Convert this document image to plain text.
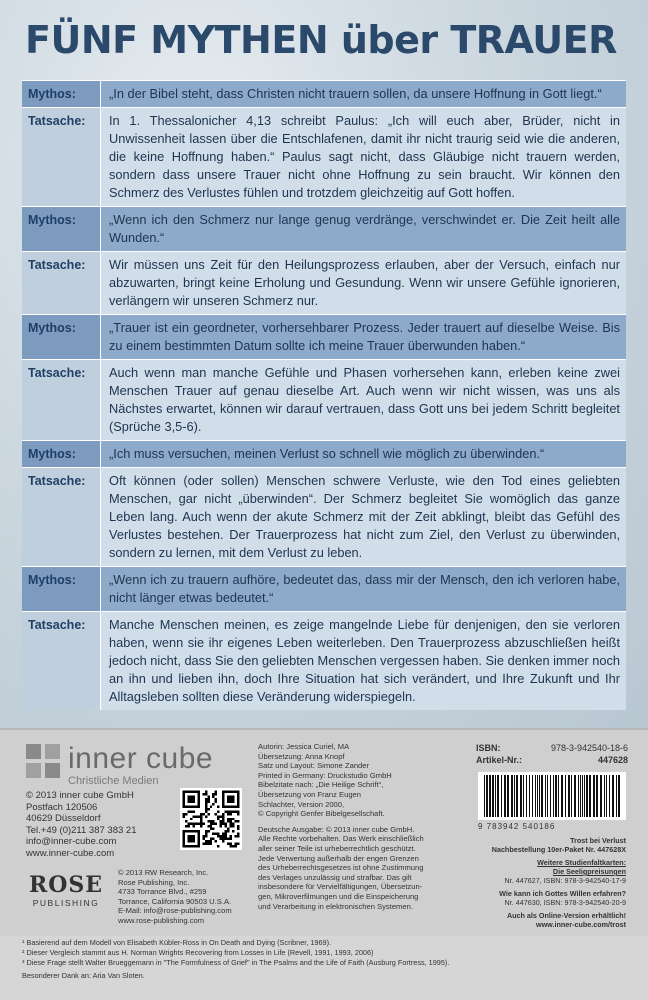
FÜNF MYTHEN über TRAUER
Mythos:	„In der Bibel steht, dass Christen nicht trauern sollen, da unsere Hoffnung in Gott liegt.“
Tatsache:	In 1. Thessalonicher 4,13 schreibt Paulus: „Ich will euch aber, Brüder, nicht in Unwissenheit lassen über die Entschlafenen, damit ihr nicht traurig seid wie die anderen, die keine Hoffnung haben.“ Paulus sagt nicht, dass Gläubige nicht trauern werden, sondern dass unsere Trauer nicht ohne Hoffnung zu sein braucht. Wir können den Schmerz des Verlustes fühlen und trotzdem gleichzeitig auf Gott hoffen.
Mythos:	„Wenn ich den Schmerz nur lange genug verdränge, verschwindet er. Die Zeit heilt alle Wunden.“
Tatsache:	Wir müssen uns Zeit für den Heilungsprozess erlauben, aber der Versuch, einfach nur abzuwarten, bringt keine Erholung und Gesundung. Wenn wir unsere Gefühle ignorieren, verlängern wir unseren Schmerz nur.
Mythos:	„Trauer ist ein geordneter, vorhersehbarer Prozess. Jeder trauert auf dieselbe Weise. Bis zu einem bestimmten Datum sollte ich meine Trauer überwunden haben.“
Tatsache:	Auch wenn man manche Gefühle und Phasen vorhersehen kann, erleben keine zwei Menschen Trauer auf genau dieselbe Art. Auch wenn wir nicht wissen, was uns als Nächstes erwartet, können wir darauf vertrauen, dass Gott uns bei jedem Schritt begleitet (Sprüche 3,5-6).
Mythos:	„Ich muss versuchen, meinen Verlust so schnell wie möglich zu überwinden.“
Tatsache:	Oft können (oder sollen) Menschen schwere Verluste, wie den Tod eines geliebten Menschen, gar nicht „überwinden“. Der Schmerz begleitet Sie womöglich das ganze Leben lang. Auch wenn der akute Schmerz mit der Zeit abklingt, bleibt das Gefühl des Verlustes bestehen. Der Trauerprozess hat nicht zum Ziel, den Verlust zu überwinden, sondern zu lernen, mit dem Verlust zu leben.
Mythos:	„Wenn ich zu trauern aufhöre, bedeutet das, dass mir der Mensch, den ich verloren habe, nicht länger etwas bedeutet.“
Tatsache:	Manche Menschen meinen, es zeige mangelnde Liebe für denjenigen, den sie verloren haben, wenn sie ihr eigenes Leben weiterleben. Den Trauerprozess abzuschließen heißt jedoch nicht, dass Sie den geliebten Menschen vergessen haben. Sie denken immer noch an ihn und lieben ihn, doch Ihre Situation hat sich verändert, und Ihre Zukunft und Ihr Alltagsleben sollten diese Veränderung widerspiegeln.
inner cube
Christliche Medien
© 2013 inner cube GmbH
Postfach 120506
40629 Düsseldorf
Tel.+49 (0)211 387 383 21
info@inner-cube.com
www.inner-cube.com
ROSE
PUBLISHING
© 2013 RW Research, Inc.
Rose Publishing, Inc.
4733 Torrance Blvd., #259
Torrance, California 90503 U.S.A.
E-Mail: info@rose-publishing.com
www.rose-publishing.com
Autorin: Jessica Curiel, MA
Übersetzung: Anna Knopf
Satz und Layout: Simone Zander
Printed in Germany: Druckstudio GmbH
Bibelzitate nach: „Die Heilige Schrift“,
Übersetzung von Franz Eugen
Schlachter, Version 2000,
© Copyright Genfer Bibelgesellschaft.
Deutsche Ausgabe: © 2013 inner cube GmbH.
Alle Rechte vorbehalten. Das Werk einschließlich
aller seiner Teile ist urheberrechtlich geschützt.
Jede Verwertung außerhalb der engen Grenzen
des Urheberrechtsgesetzes ist ohne Zustimmung
des Verlages unzulässig und strafbar. Das gilt
insbesondere für Vervielfältigungen, Übersetzun-
gen, Mikroverfilmungen und die Einspeicherung
und Verarbeitung in elektronischen Systemen.
ISBN:	978-3-942540-18-6
Artikel-Nr.:	447628
9 783942 540186
Trost bei Verlust
Nachbestellung 10er-Paket Nr. 447628X
Weitere Studienfaltkarten:
Die Seeligpreisungen
Nr. 447627, ISBN: 978-3-942540-17-9
Wie kann ich Gottes Willen erfahren?
Nr. 447630, ISBN: 978-3-942540-20-9
Auch als Online-Version erhältlich!
www.inner-cube.com/trost
¹ Basierend auf dem Modell von Elisabeth Kübler-Ross in On Death and Dying (Scribner, 1969).
² Dieser Vergleich stammt aus H. Norman Wrights Recovering from Losses in Life (Revell, 1991, 1993, 2006)
³ Diese Frage stellt Walter Brueggemann in "The Formfulness of Grief" in The Psalms and the Life of Faith (Ausburg Fortress, 1995).
Besonderer Dank an: Aria Van Sloten.
